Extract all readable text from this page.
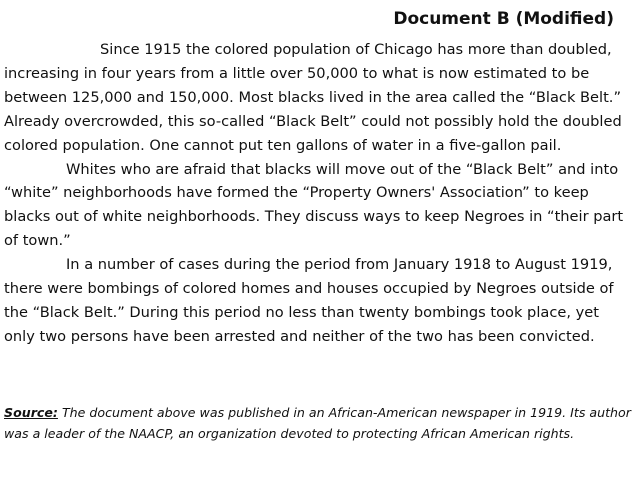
Document B (Modified)

Since 1915 the colored population of Chicago has more than doubled, increasing in four years from a little over 50,000 to what is now estimated to be between 125,000 and 150,000. Most blacks lived in the area called the “Black Belt.” Already overcrowded, this so-called “Black Belt” could not possibly hold the doubled colored population. One cannot put ten gallons of water in a five-gallon pail.

Whites who are afraid that blacks will move out of the “Black Belt” and into “white” neighborhoods have formed the “Property Owners' Association” to keep blacks out of white neighborhoods. They discuss ways to keep Negroes in “their part of town.”

In a number of cases during the period from January 1918 to August 1919, there were bombings of colored homes and houses occupied by Negroes outside of the “Black Belt.” During this period no less than twenty bombings took place, yet only two persons have been arrested and neither of the two has been convicted.

Source: The document above was published in an African-American newspaper in 1919. Its author was a leader of the NAACP, an organization devoted to protecting African American rights.
